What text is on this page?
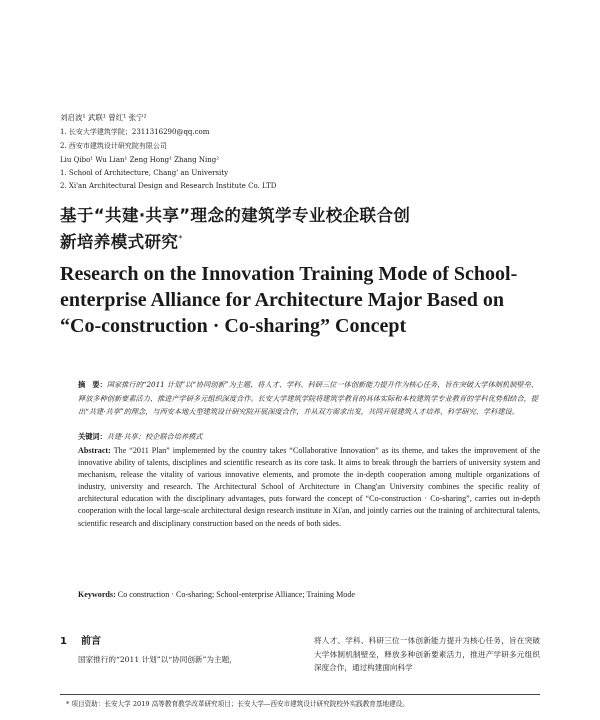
刘启波¹ 武联¹ 曾红¹ 张宁²
1. 长安大学建筑学院；2311316290@qq.com
2. 西安市建筑设计研究院有限公司
Liu Qibo¹ Wu Lian¹ Zeng Hong¹ Zhang Ning²
1. School of Architecture, Chang' an University
2. Xi'an Architectural Design and Research Institute Co. LTD
基于“共建·共享”理念的建筑学专业校企联合创
新培养模式研究*
Research on the Innovation Training Mode of School-enterprise Alliance for Architecture Major Based on “Co-construction · Co-sharing” Concept
摘　要：国家推行的“2011 计划”以“协同创新”为主题，将人才、学科、科研三位一体创新能力提升作为核心任务，旨在突破大学体制机制壁垒、释放多种创新要素活力、推进产学研多元组织深度合作。长安大学建筑学院将建筑学教育的具体实际和本校建筑学专业教育的学科优势相结合，提出“共建·共享”的理念，与西安本地大型建筑设计研究院开展深度合作，并从双方需求出发，共同开展建筑人才培养、科学研究、学科建设。
关键词：共建·共享；校企联合培养模式
Abstract: The “2011 Plan” implemented by the country takes “Collaborative Innovation” as its theme, and takes the improvement of the innovative ability of talents, disciplines and scientific research as its core task. It aims to break through the barriers of university system and mechanism, release the vitality of various innovative elements, and promote the in-depth cooperation among multiple organizations of industry, university and research. The Architectural School of Architecture in Chang'an University combines the specific reality of architectural education with the disciplinary advantages, puts forward the concept of “Co-construction · Co-sharing”, carries out in-depth cooperation with the local large-scale architectural design research institute in Xi'an, and jointly carries out the training of architectural talents, scientific research and disciplinary construction based on the needs of both sides.
Keywords: Co construction · Co-sharing; School-enterprise Alliance; Training Mode
1 前言
国家推行的“2011 计划”以“协同创新”为主题，
将人才、学科、科研三位一体创新能力提升为核心任务，旨在突破大学体制机制壁垒，释放多种创新要素活力，推进产学研多元组织深度合作，通过构建面向科学
* 项目资助：长安大学 2019 高等教育教学改革研究项目；长安大学—西安市建筑设计研究院校外实践教育基地建设。
